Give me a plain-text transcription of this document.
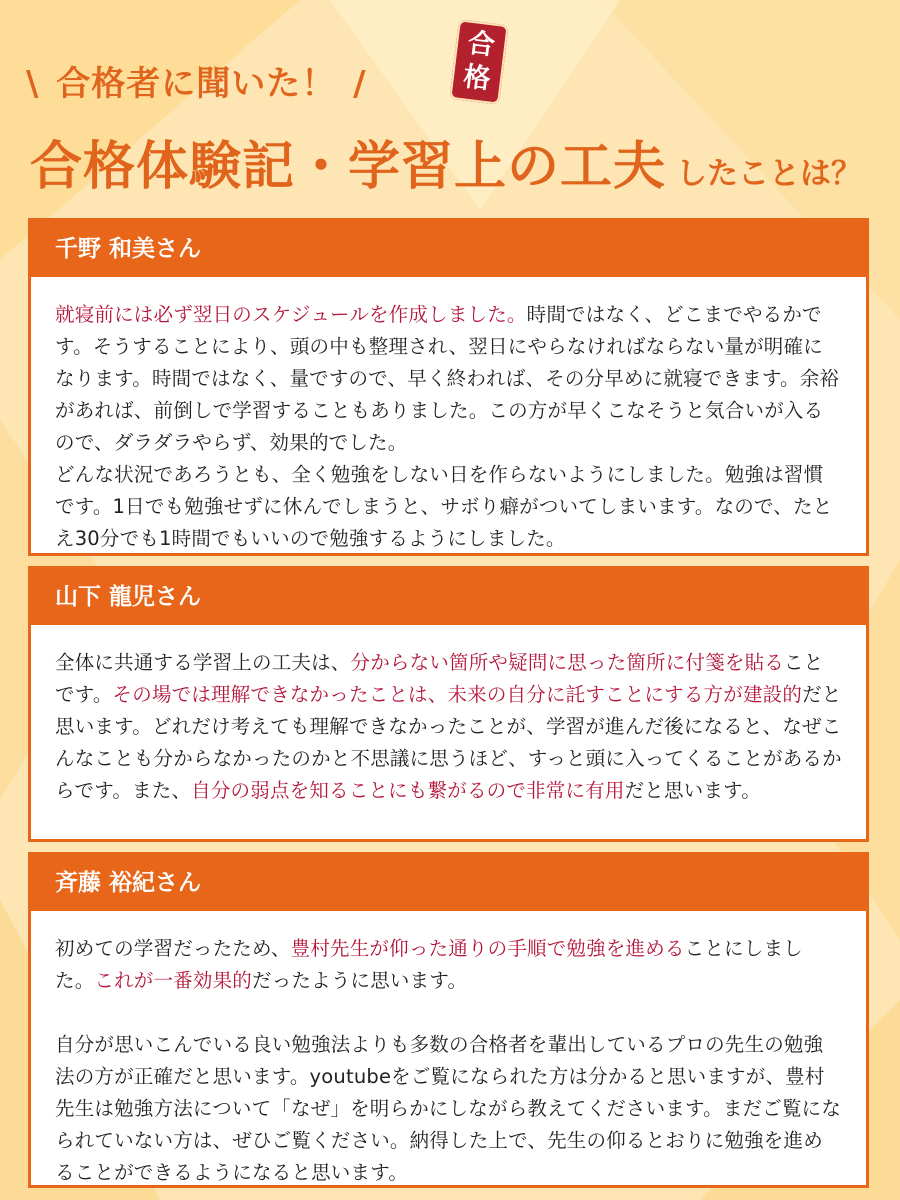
\ 合格者に聞いた！ /
合
格
合格体験記・学習上の工夫 したことは？
千野 和美さん
就寝前には必ず翌日のスケジュールを作成しました。時間ではなく、どこまでやるかです。そうすることにより、頭の中も整理され、翌日にやらなければならない量が明確になります。時間ではなく、量ですので、早く終われば、その分早めに就寝できます。余裕があれば、前倒しで学習することもありました。この方が早くこなそうと気合いが入るので、ダラダラやらず、効果的でした。
どんな状況であろうとも、全く勉強をしない日を作らないようにしました。勉強は習慣です。1日でも勉強せずに休んでしまうと、サボり癖がついてしまいます。なので、たとえ30分でも1時間でもいいので勉強するようにしました。
山下 龍児さん
全体に共通する学習上の工夫は、分からない箇所や疑問に思った箇所に付箋を貼ることです。その場では理解できなかったことは、未来の自分に託すことにする方が建設的だと思います。どれだけ考えても理解できなかったことが、学習が進んだ後になると、なぜこんなことも分からなかったのかと不思議に思うほど、すっと頭に入ってくることがあるからです。また、自分の弱点を知ることにも繋がるので非常に有用だと思います。
斉藤 裕紀さん
初めての学習だったため、豊村先生が仰った通りの手順で勉強を進めることにしました。これが一番効果的だったように思います。
自分が思いこんでいる良い勉強法よりも多数の合格者を輩出しているプロの先生の勉強法の方が正確だと思います。youtubeをご覧になられた方は分かると思いますが、豊村先生は勉強方法について「なぜ」を明らかにしながら教えてくださいます。まだご覧になられていない方は、ぜひご覧ください。納得した上で、先生の仰るとおりに勉強を進めることができるようになると思います。
